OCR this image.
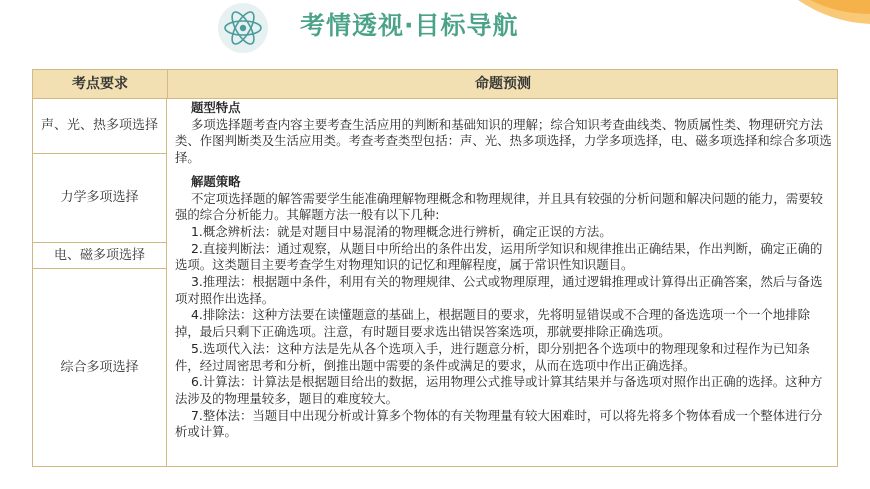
考情透视·目标导航
考点要求	命题预测
声、光、热多项选择
力学多项选择
电、磁多项选择
综合多项选择
题型特点

多项选择题考查内容主要考查生活应用的判断和基础知识的理解；综合知识考查曲线类、物质属性类、物理研究方法类、作图判断类及生活应用类。考查考查类型包括：声、光、热多项选择，力学多项选择，电、磁多项选择和综合多项选择。

解题策略

不定项选择题的解答需要学生能准确理解物理概念和物理规律，并且具有较强的分析问题和解决问题的能力，需要较强的综合分析能力。其解题方法一般有以下几种:

1.概念辨析法：就是对题目中易混淆的物理概念进行辨析，确定正误的方法。

2.直接判断法：通过观察，从题目中所给出的条件出发，运用所学知识和规律推出正确结果，作出判断，确定正确的选项。这类题目主要考查学生对物理知识的记忆和理解程度，属于常识性知识题目。

3.推理法：根据题中条件，利用有关的物理规律、公式或物理原理，通过逻辑推理或计算得出正确答案，然后与备选项对照作出选择。

4.排除法：这种方法要在读懂题意的基础上，根据题目的要求，先将明显错误或不合理的备选选项一个一个地排除掉，最后只剩下正确选项。注意，有时题目要求选出错误答案选项，那就要排除正确选项。

5.选项代入法：这种方法是先从各个选项入手，进行题意分析，即分别把各个选项中的物理现象和过程作为已知条件，经过周密思考和分析，倒推出题中需要的条件或满足的要求，从而在选项中作出正确选择。

6.计算法：计算法是根据题目给出的数据，运用物理公式推导或计算其结果并与备选项对照作出正确的选择。这种方法涉及的物理量较多，题目的难度较大。

7.整体法：当题目中出现分析或计算多个物体的有关物理量有较大困难时，可以将先将多个物体看成一个整体进行分析或计算。
